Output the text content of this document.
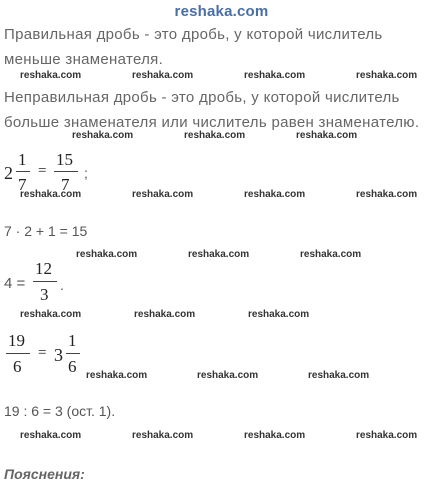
reshaka.com
Правильная дробь - это дробь, у которой числитель
меньше знаменателя.
reshaka.com	reshaka.com	reshaka.com	reshaka.com
Неправильная дробь - это дробь, у которой числитель
больше знаменателя или числитель равен знаменателю.
reshaka.com	reshaka.com	reshaka.com
2
1
7
=
15
7
;
reshaka.com	reshaka.com	reshaka.com	reshaka.com
7 · 2 + 1 = 15
reshaka.com	reshaka.com	reshaka.com
4 =
12
3 .
reshaka.com	reshaka.com	reshaka.com
19
6
= 3
1
6 reshaka.com	reshaka.com	reshaka.com
19 : 6 = 3 (ост. 1).
reshaka.com	reshaka.com	reshaka.com	reshaka.com
Пояснения:
